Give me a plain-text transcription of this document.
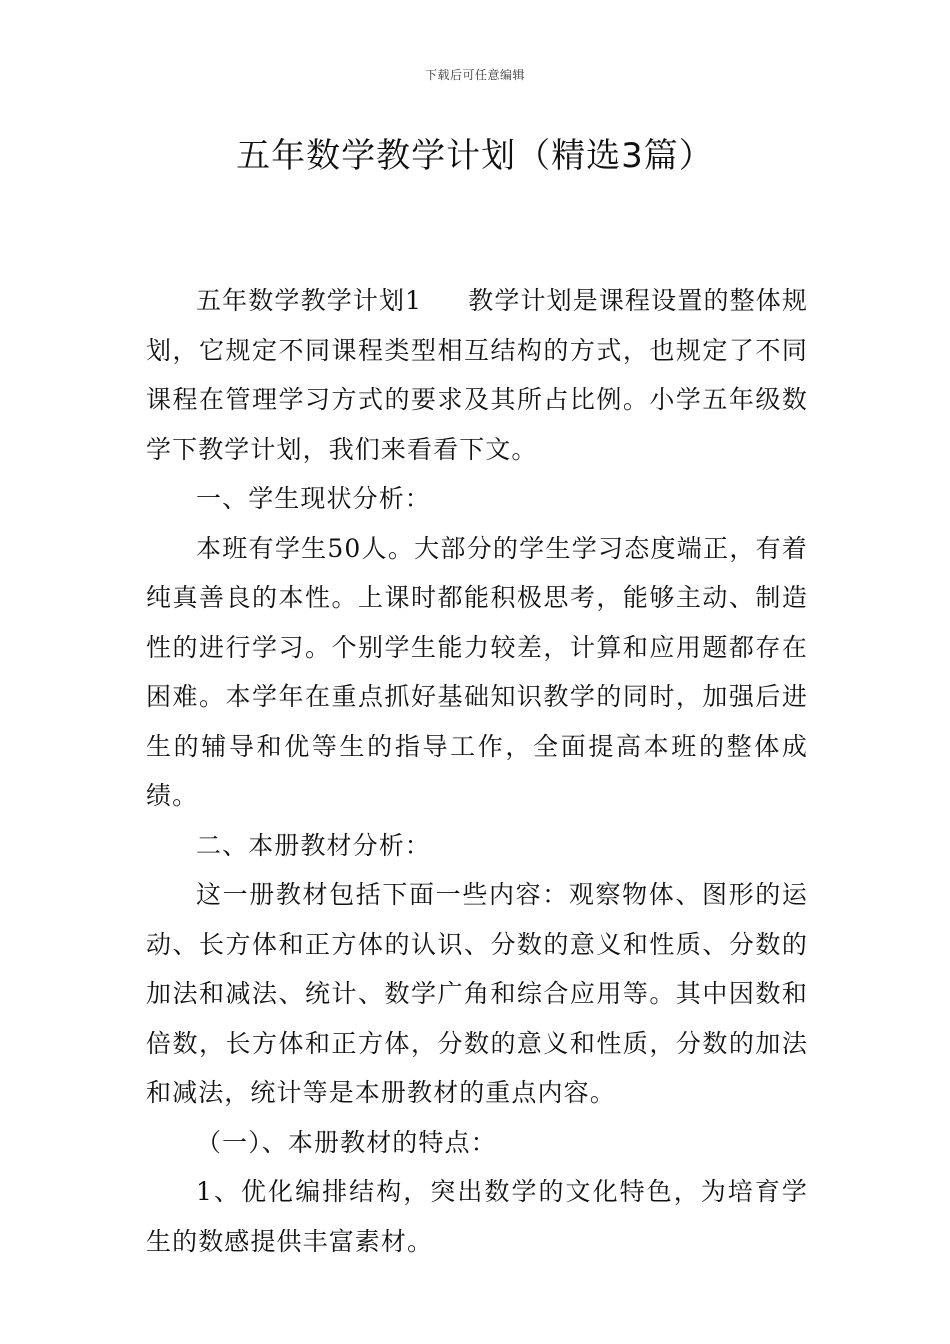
下载后可任意编辑
五年数学教学计划（精选3篇）

五年数学教学计划1 教学计划是课程设置的整体规划，它规定不同课程类型相互结构的方式，也规定了不同课程在管理学习方式的要求及其所占比例。小学五年级数学下教学计划，我们来看看下文。

一、学生现状分析：

本班有学生50人。大部分的学生学习态度端正，有着纯真善良的本性。上课时都能积极思考，能够主动、制造性的进行学习。个别学生能力较差，计算和应用题都存在困难。本学年在重点抓好基础知识教学的同时，加强后进生的辅导和优等生的指导工作，全面提高本班的整体成绩。

二、本册教材分析：

这一册教材包括下面一些内容：观察物体、图形的运动、长方体和正方体的认识、分数的意义和性质、分数的加法和减法、统计、数学广角和综合应用等。其中因数和倍数，长方体和正方体，分数的意义和性质，分数的加法和减法，统计等是本册教材的重点内容。

（一）、本册教材的特点：

1、优化编排结构，突出数学的文化特色，为培育学生的数感提供丰富素材。
